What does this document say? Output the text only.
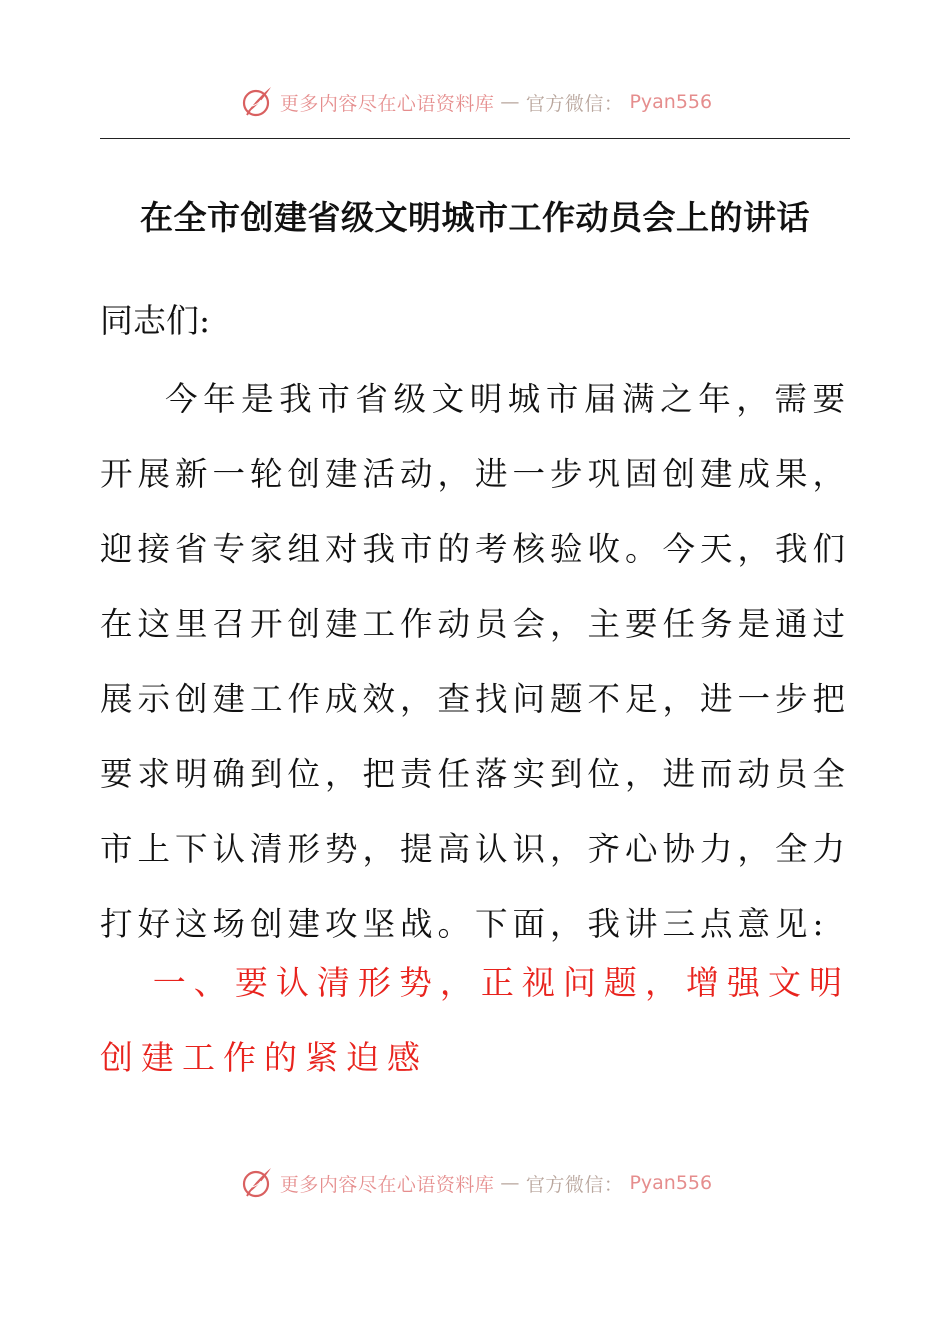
更多内容尽在心语资料库 — 官方微信： Pyan556
在全市创建省级文明城市工作动员会上的讲话

同志们:

今年是我市省级文明城市届满之年，需要开展新一轮创建活动，进一步巩固创建成果，迎接省专家组对我市的考核验收。今天，我们在这里召开创建工作动员会，主要任务是通过展示创建工作成效，查找问题不足，进一步把要求明确到位，把责任落实到位，进而动员全市上下认清形势，提高认识，齐心协力，全力打好这场创建攻坚战。下面，我讲三点意见:

一、要认清形势，正视问题，增强文明创建工作的紧迫感

更多内容尽在心语资料库 — 官方微信： Pyan556
